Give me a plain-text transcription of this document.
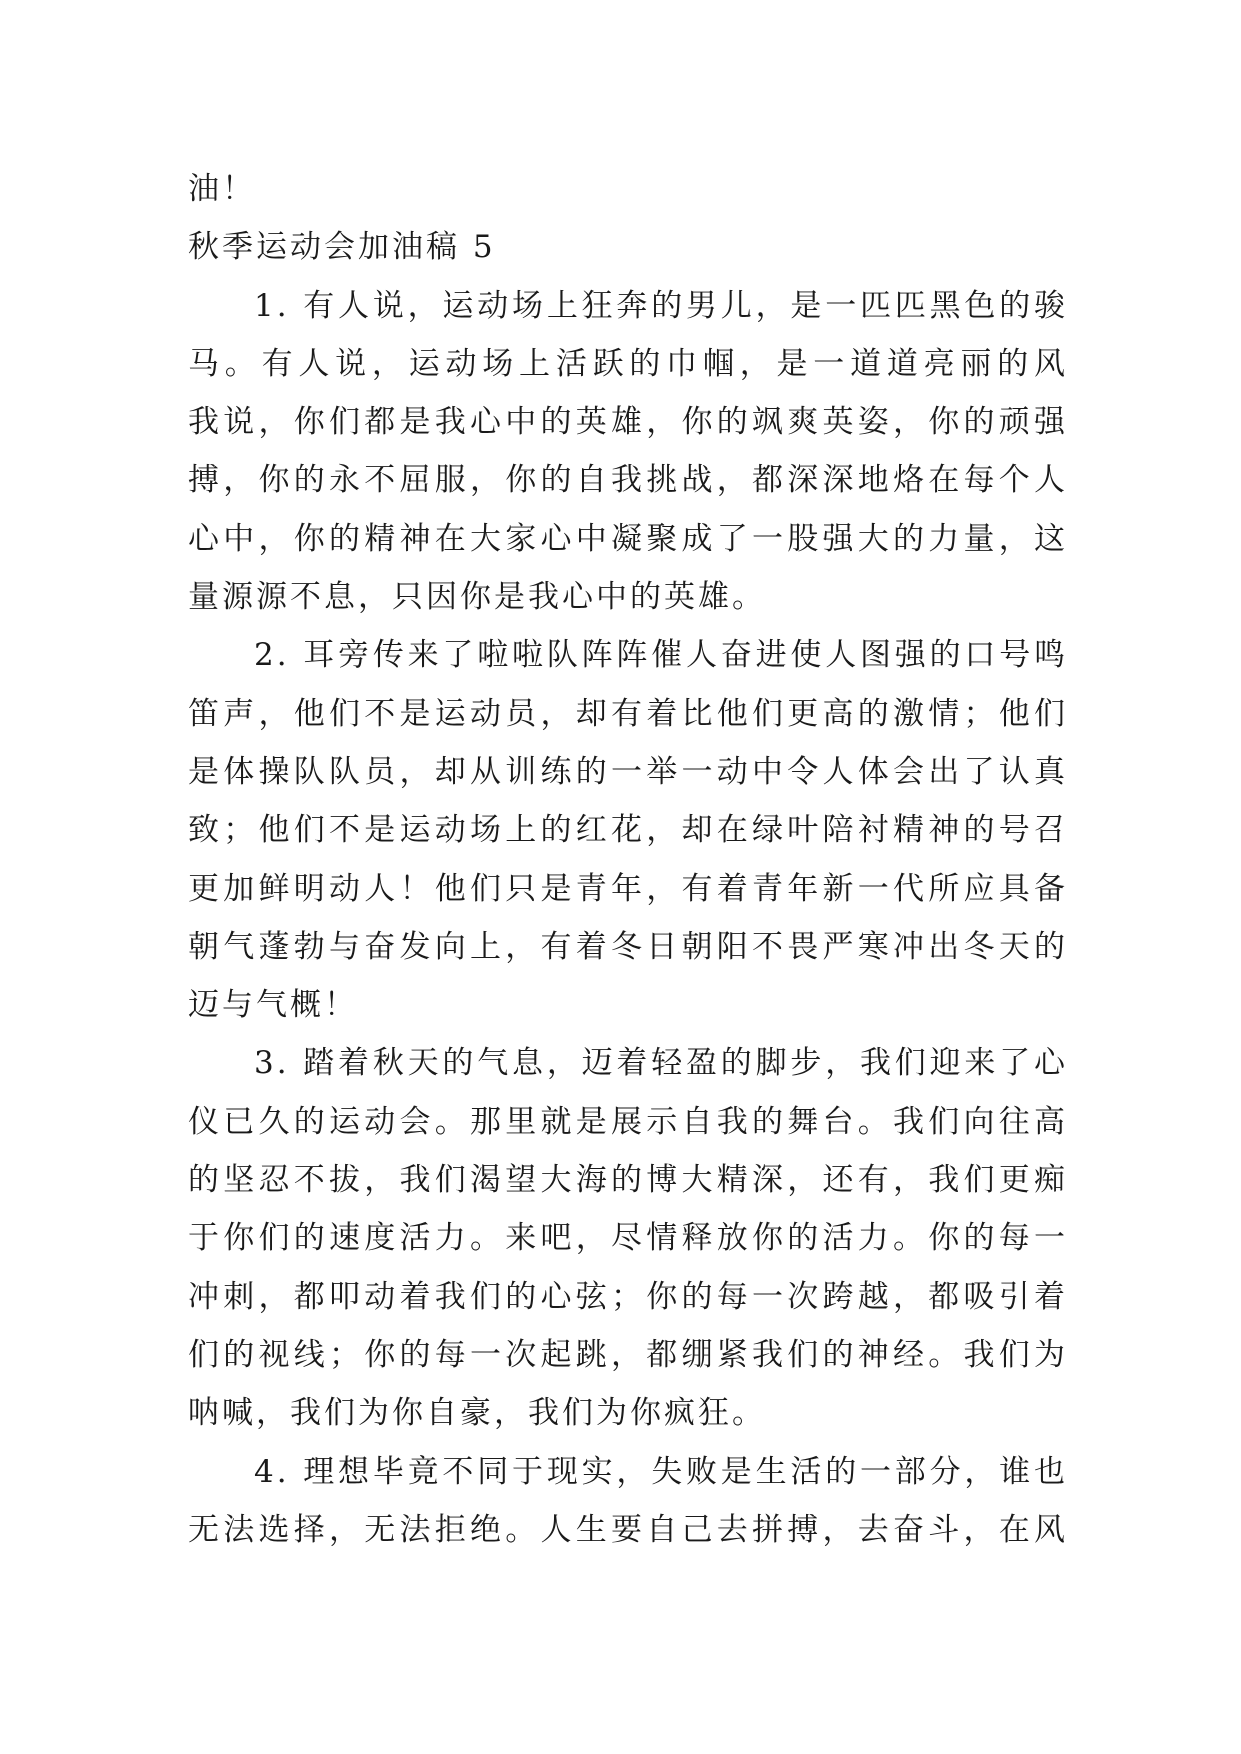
油！
秋季运动会加油稿 5
1. 有人说，运动场上狂奔的男儿，是一匹匹黑色的骏
马。有人说，运动场上活跃的巾帼，是一道道亮丽的风
我说，你们都是我心中的英雄，你的飒爽英姿，你的顽强
搏，你的永不屈服，你的自我挑战，都深深地烙在每个人
心中，你的精神在大家心中凝聚成了一股强大的力量，这
量源源不息，只因你是我心中的英雄。
2. 耳旁传来了啦啦队阵阵催人奋进使人图强的口号鸣
笛声，他们不是运动员，却有着比他们更高的激情；他们
是体操队队员，却从训练的一举一动中令人体会出了认真
致；他们不是运动场上的红花，却在绿叶陪衬精神的号召
更加鲜明动人！他们只是青年，有着青年新一代所应具备
朝气蓬勃与奋发向上，有着冬日朝阳不畏严寒冲出冬天的
迈与气概！
3. 踏着秋天的气息，迈着轻盈的脚步，我们迎来了心
仪已久的运动会。那里就是展示自我的舞台。我们向往高
的坚忍不拔，我们渴望大海的博大精深，还有，我们更痴
于你们的速度活力。来吧，尽情释放你的活力。你的每一
冲刺，都叩动着我们的心弦；你的每一次跨越，都吸引着
们的视线；你的每一次起跳，都绷紧我们的神经。我们为
呐喊，我们为你自豪，我们为你疯狂。
4. 理想毕竟不同于现实，失败是生活的一部分，谁也
无法选择，无法拒绝。人生要自己去拼搏，去奋斗，在风
